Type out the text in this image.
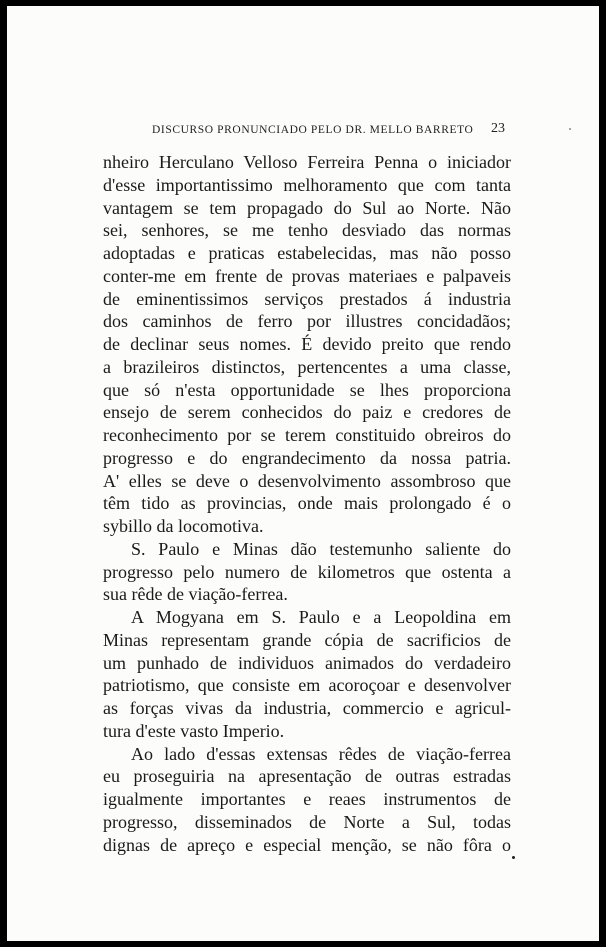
DISCURSO PRONUNCIADO PELO DR. MELLO BARRETO 23
nheiro Herculano Velloso Ferreira Penna o iniciador
d'esse importantissimo melhoramento que com tanta
vantagem se tem propagado do Sul ao Norte. Não
sei, senhores, se me tenho desviado das normas
adoptadas e praticas estabelecidas, mas não posso
conter-me em frente de provas materiaes e palpaveis
de eminentissimos serviços prestados á industria
dos caminhos de ferro por illustres concidadãos;
de declinar seus nomes. É devido preito que rendo
a brazileiros distinctos, pertencentes a uma classe,
que só n'esta opportunidade se lhes proporciona
ensejo de serem conhecidos do paiz e credores de
reconhecimento por se terem constituido obreiros do
progresso e do engrandecimento da nossa patria.
A' elles se deve o desenvolvimento assombroso que
têm tido as provincias, onde mais prolongado é o
sybillo da locomotiva.
S. Paulo e Minas dão testemunho saliente do
progresso pelo numero de kilometros que ostenta a
sua rêde de viação-ferrea.
A Mogyana em S. Paulo e a Leopoldina em
Minas representam grande cópia de sacrificios de
um punhado de individuos animados do verdadeiro
patriotismo, que consiste em acoroçoar e desenvolver
as forças vivas da industria, commercio e agricul-
tura d'este vasto Imperio.
Ao lado d'essas extensas rêdes de viação-ferrea
eu proseguiria na apresentação de outras estradas
igualmente importantes e reaes instrumentos de
progresso, disseminados de Norte a Sul, todas
dignas de apreço e especial menção, se não fôra o
